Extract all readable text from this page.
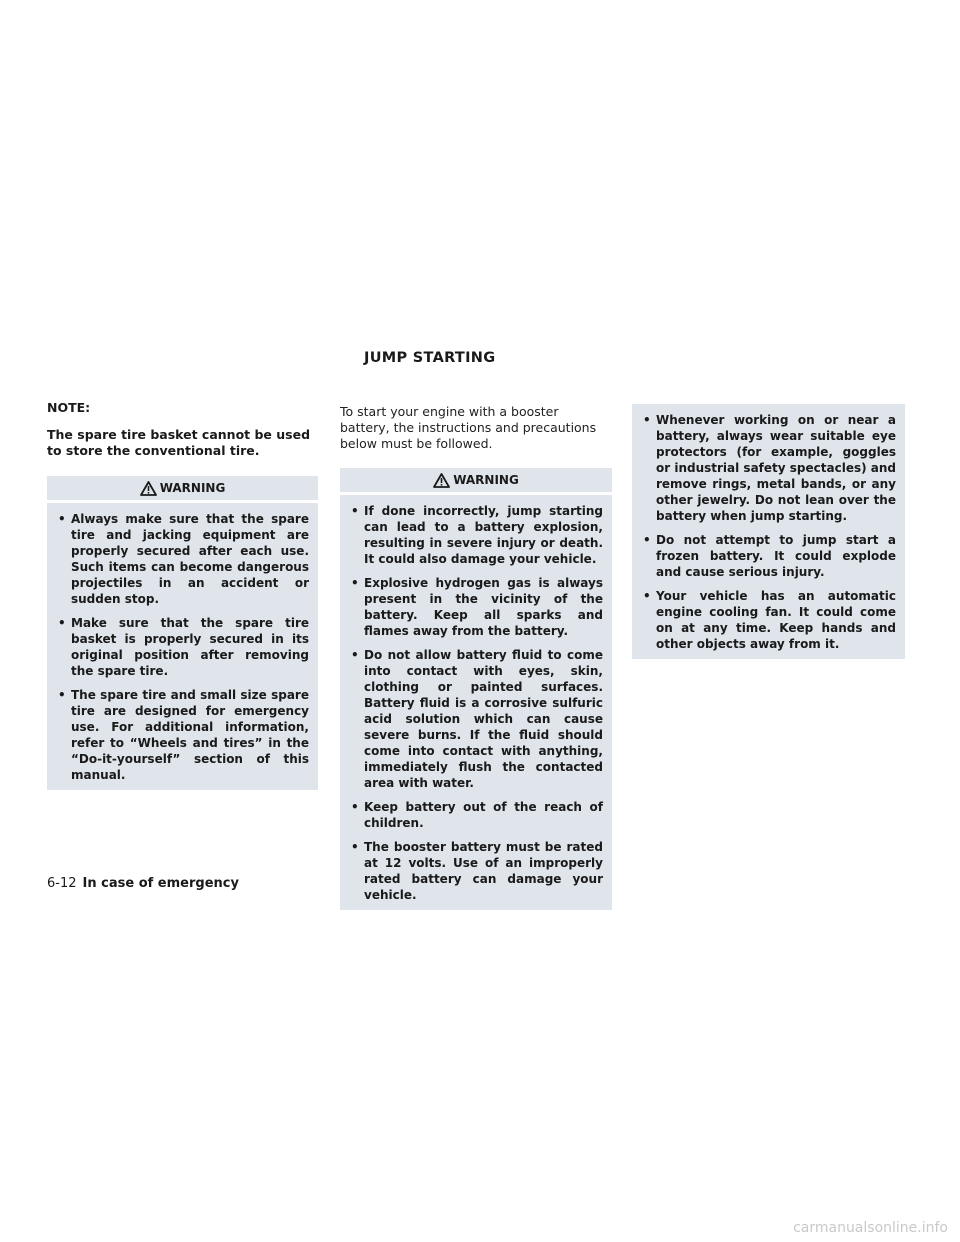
JUMP STARTING

NOTE:

The spare tire basket cannot be used to store the conventional tire.

WARNING
• Always make sure that the spare tire and jacking equipment are properly secured after each use. Such items can become dangerous projectiles in an accident or sudden stop.
• Make sure that the spare tire basket is properly secured in its original position after removing the spare tire.
• The spare tire and small size spare tire are designed for emergency use. For additional information, refer to “Wheels and tires” in the “Do-it-yourself” section of this manual.

To start your engine with a booster battery, the instructions and precautions below must be followed.

WARNING
• If done incorrectly, jump starting can lead to a battery explosion, resulting in severe injury or death. It could also damage your vehicle.
• Explosive hydrogen gas is always present in the vicinity of the battery. Keep all sparks and flames away from the battery.
• Do not allow battery fluid to come into contact with eyes, skin, clothing or painted surfaces. Battery fluid is a corrosive sulfuric acid solution which can cause severe burns. If the fluid should come into contact with anything, immediately flush the contacted area with water.
• Keep battery out of the reach of children.
• The booster battery must be rated at 12 volts. Use of an improperly rated battery can damage your vehicle.
• Whenever working on or near a battery, always wear suitable eye protectors (for example, goggles or industrial safety spectacles) and remove rings, metal bands, or any other jewelry. Do not lean over the battery when jump starting.
• Do not attempt to jump start a frozen battery. It could explode and cause serious injury.
• Your vehicle has an automatic engine cooling fan. It could come on at any time. Keep hands and other objects away from it.
6-12 In case of emergency
carmanualsonline.info
